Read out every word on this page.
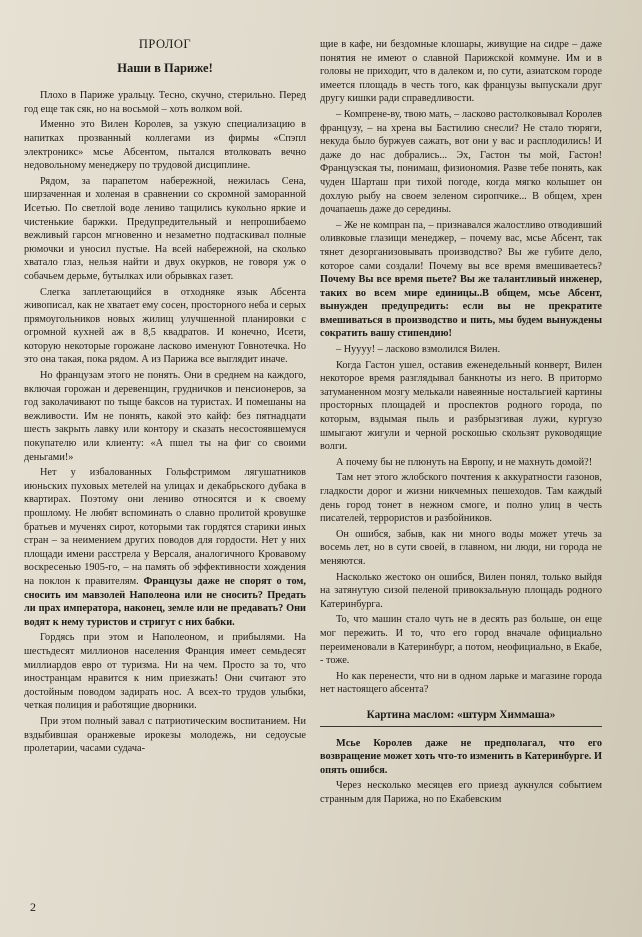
ПРОЛОГ
Наши в Париже!

Плохо в Париже уральцу. Тесно, скучно, стерильно. Перед год еще так сяк, но на восьмой – хоть волком вой.

Именно это Вилен Королев, за узкую специализацию в напитках прозванный коллегами из фирмы «Спэпл электроникс» мсье Абсентом, пытался втолковать вечно недовольному менеджеру по трудовой дисциплине.

Рядом, за парапетом набережной, нежилась Сена, ширзаченная и холеная в сравнении со скромной заморанной Исетью. По светлой воде лениво тащились кукольно яркие и чистенькие баржки. Предупредительный и непрошибаемо вежливый гарсон мгновенно и незаметно подтаскивал полные рюмочки и уносил пустые. На всей набережной, на сколько хватало глаз, нельзя найти и двух окурков, не говоря уж о собачьем дерьме, бутылках или обрывках газет.

Слегка заплетающийся в отходняке язык Абсента живописал, как не хватает ему сосен, просторного неба и серых прямоугольников новых жилищ улучшенной планировки с огромной кухней аж в 8,5 квадратов. И конечно, Исети, которую некоторые горожане ласково именуют Говнотечка. Но это она такая, пока рядом. А из Парижа все выглядит иначе.

Но французам этого не понять. Они в среднем на каждого, включая горожан и деревенщин, грудничков и пенсионеров, за год заколачивают по тыще баксов на туристах. И помешаны на вежливости. Им не понять, какой это кайф: без пятнадцати шесть закрыть лавку или контору и сказать несостоявшемуся покупателю или клиенту: «А пшел ты на фиг со своими деньгами!»

Нет у избалованных Гольфстримом лягушатников июньских пуховых метелей на улицах и декабрьского дубака в квартирах. Поэтому они лениво относятся и к своему прошлому. Не любят вспоминать о славно пролитой кровушке братьев и мученях сирот, которыми так гордятся старики иных стран – за неимением других поводов для гордости. Нет у них площади имени расстрела у Версаля, аналогичного Кровавому воскресенью 1905-го, – на память об эффективности хождения на поклон к правителям. Французы даже не спорят о том, сносить им мавзолей Наполеона или не сносить? Предать ли прах императора, наконец, земле или не предавать? Они водят к нему туристов и стригут с них бабки.

Гордясь при этом и Наполеоном, и прибылями. На шестьдесят миллионов населения Франция имеет семьдесят миллиардов евро от туризма. Ни на чем. Просто за то, что иностранцам нравится к ним приезжать! Они считают это достойным поводом задирать нос. А всех-то трудов улыбки, четкая полиция и работящие дворники.

При этом полный завал с патриотическим воспитанием. Ни вздыбившая оранжевые ирокезы молодежь, ни седоусые пролетарии, часами судача-

щие в кафе, ни бездомные клошары, живущие на сидре – даже понятия не имеют о славной Парижской коммуне. Им и в головы не приходит, что в далеком и, по сути, азиатском городе имеется площадь в честь того, как французы выпускали друг другу кишки ради справедливости.

– Компрене-ву, твою мать, – ласково растолковывал Королев французу, – на хрена вы Бастилию снесли? Не стало тюряги, некуда было буржуев сажать, вот они у вас и расплодились! И даже до нас добрались... Эх, Гастон ты мой, Гастон! Французская ты, понимаш, физиономия. Разве тебе понять, как чуден Шарташ при тихой погоде, когда мягко колышет он дохлую рыбу на своем зеленом сиропчике... В общем, хрен дочапаешь даже до середины.

– Же не компран па, – признавался жалостливо отводивший оливковые глазищи менеджер, – почему вас, мсье Абсент, так тянет дезорганизовывать производство? Вы же губите дело, которое сами создали! Почему вы все время вмешиваетесь? Почему Вы все время пьете? Вы же талантливый инженер, таких во всем мире единицы..В общем, мсье Абсент, вынужден предупредить: если вы не прекратите вмешиваться в производство и пить, мы будем вынуждены сократить вашу стипендию!

– Нуууу! – ласково взмолился Вилен.

Когда Гастон ушел, оставив еженедельный конверт, Вилен некоторое время разглядывал банкноты из него. В притормо затуманенном мозгу мелькали навеянные ностальгией картины просторных площадей и проспектов родного города, по которым, вздымая пыль и разбрызгивая лужи, кургузо шмыгают жигули и черной роскошью скользят руководящие волги.

А почему бы не плюнуть на Европу, и не махнуть домой?!

Там нет этого жлобского почтения к аккуратности газонов, гладкости дорог и жизни никчемных пешеходов. Там каждый день город тонет в нежном смоге, и полно улиц в честь писателей, террористов и разбойников.

Он ошибся, забыв, как ни много воды может утечь за восемь лет, но в сути своей, в главном, ни люди, ни города не меняются.

Насколько жестоко он ошибся, Вилен понял, только выйдя на затянутую сизой пеленой привокзальную площадь родного Катеринбурга.

То, что машин стало чуть не в десять раз больше, он еще мог пережить. И то, что его город вначале официально переименовали в Катеринбург, а потом, неофициально, в Екабе, - тоже.

Но как перенести, что ни в одном ларьке и магазине города нет настоящего абсента?

Картина маслом: «штурм Химмаша»

Мсье Королев даже не предполагал, что его возвращение может хоть что-то изменить в Катеринбурге. И опять ошибся.

Через несколько месяцев его приезд аукнулся событием странным для Парижа, но по Екабевским

2
